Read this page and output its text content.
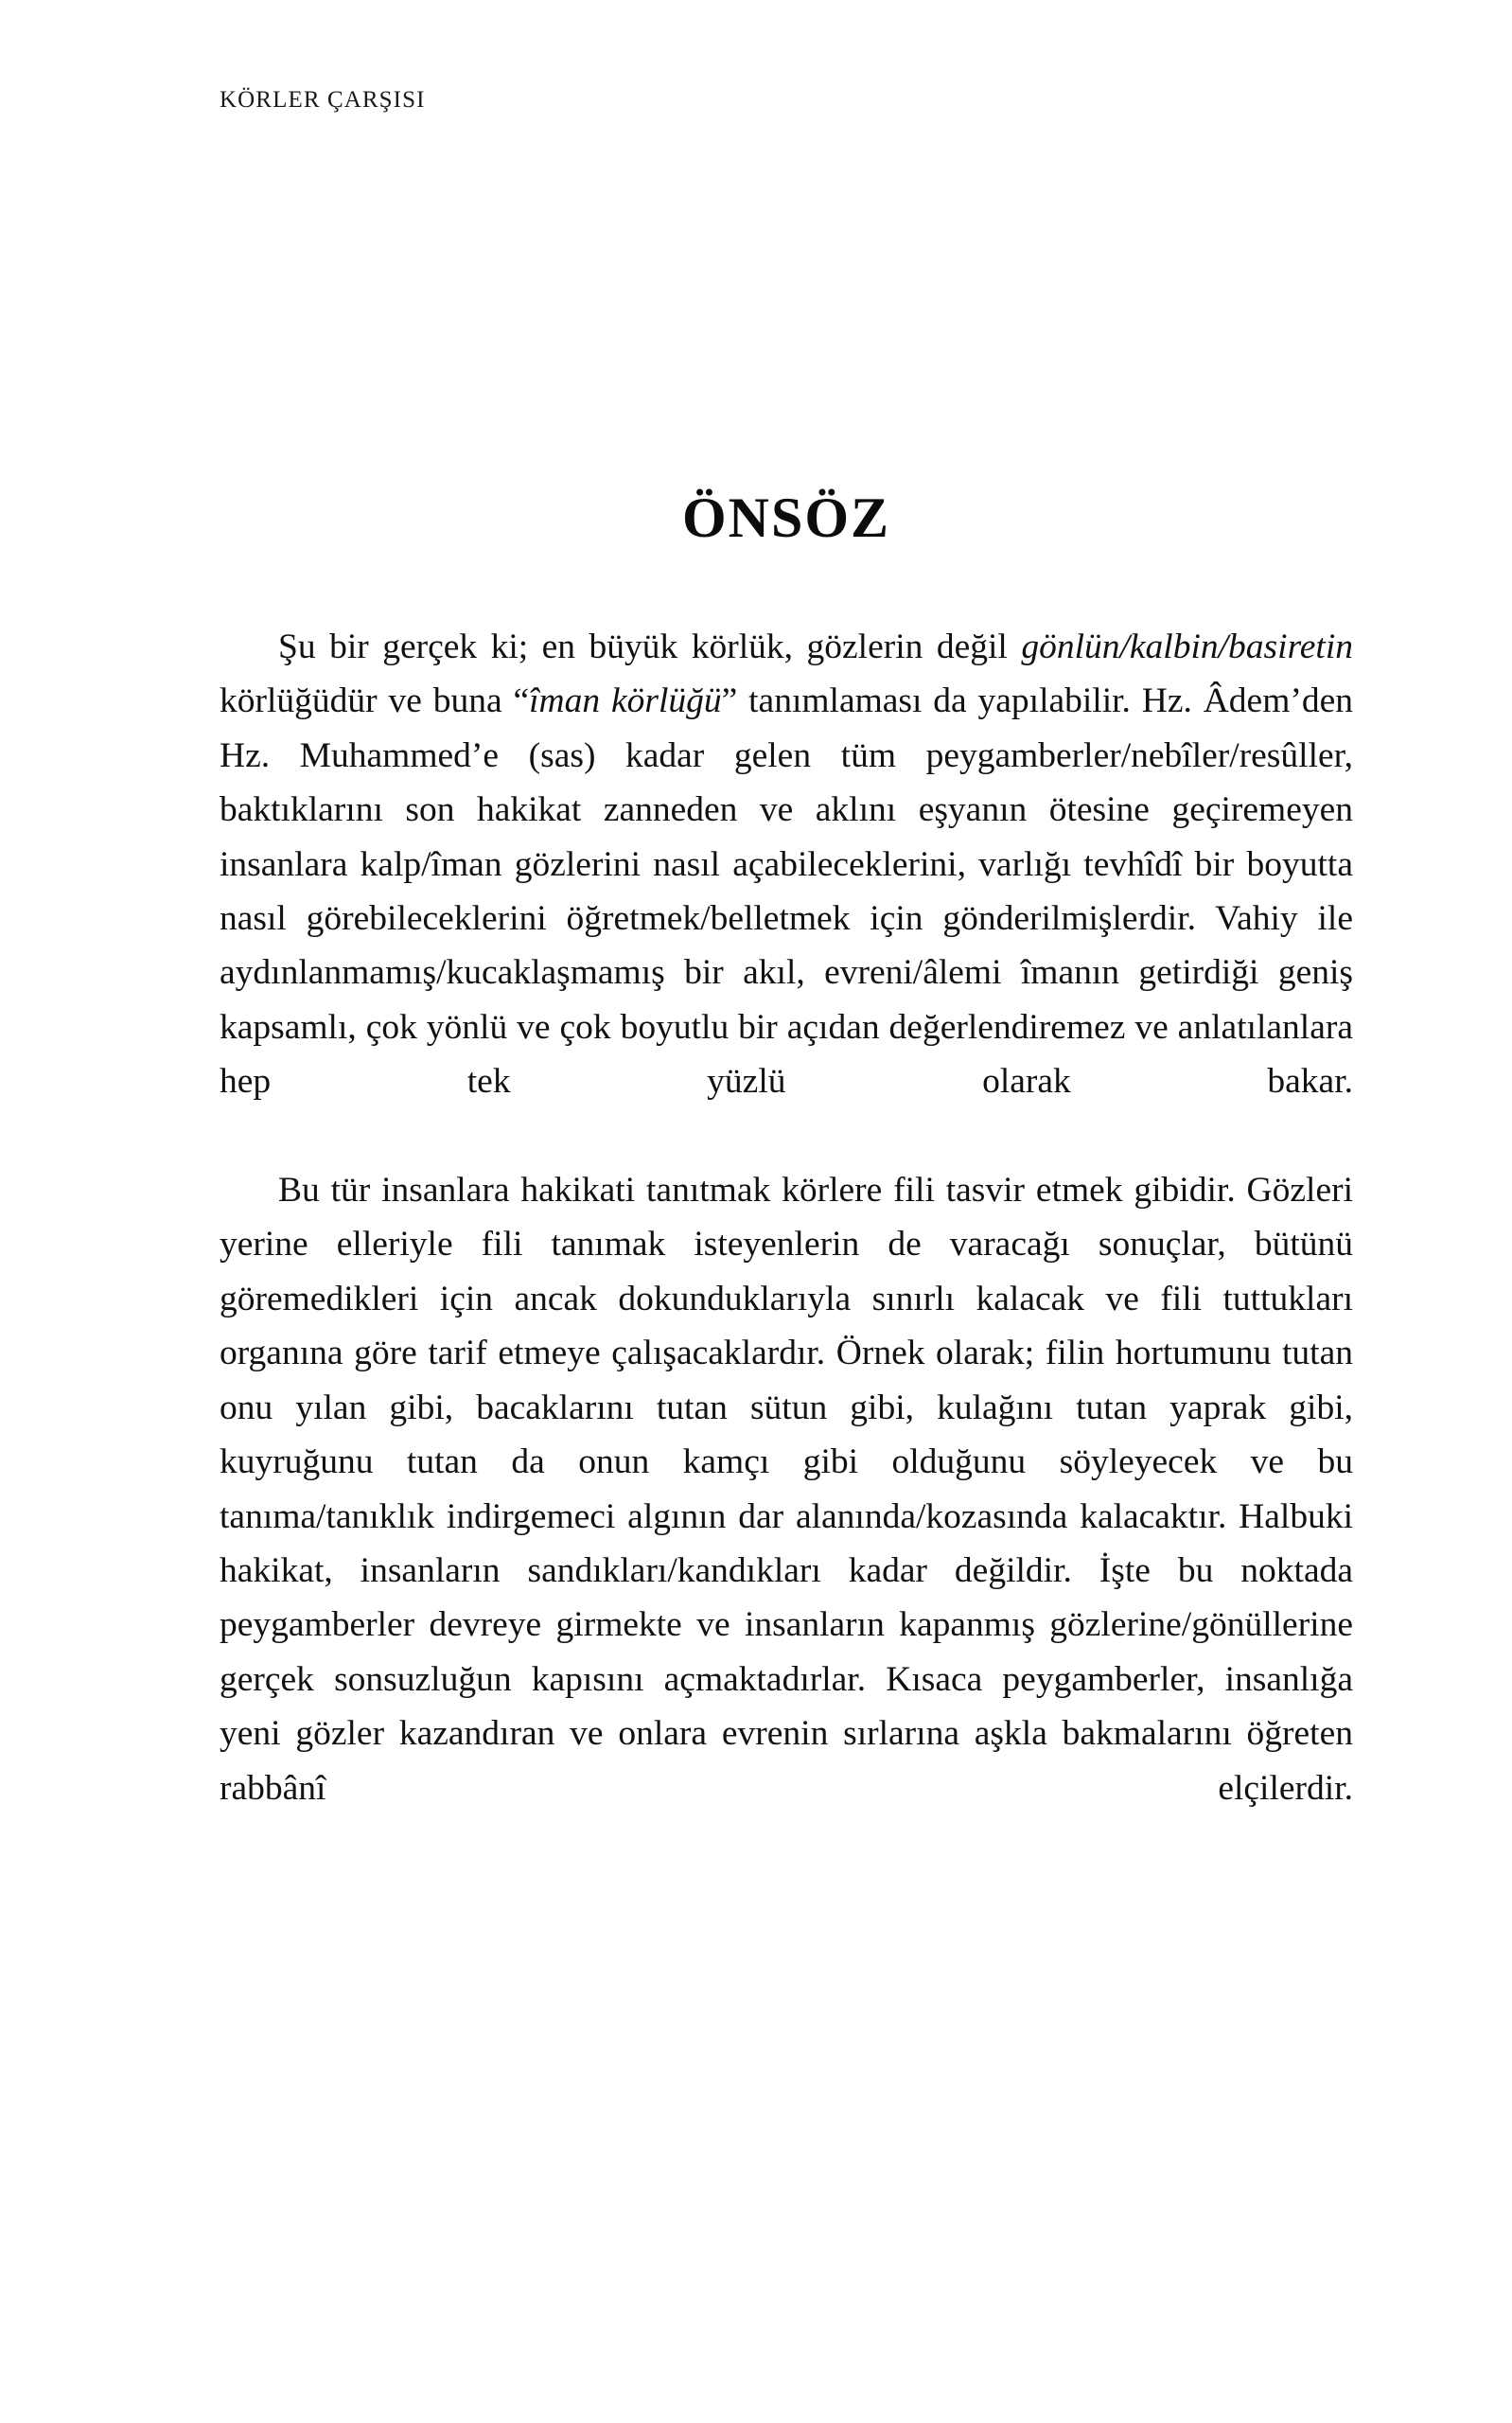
KÖRLER ÇARŞISI
ÖNSÖZ

Şu bir gerçek ki; en büyük körlük, gözlerin değil gönlün/kalbin/basiretin körlüğüdür ve buna “îman körlüğü” tanımlaması da yapılabilir. Hz. Âdem’den Hz. Muhammed’e (sas) kadar gelen tüm peygamberler/nebîler/resûller, baktıklarını son hakikat zanneden ve aklını eşyanın ötesine geçiremeyen insanlara kalp/îman gözlerini nasıl açabileceklerini, varlığı tevhîdî bir boyutta nasıl görebileceklerini öğretmek/belletmek için gönderilmişlerdir. Vahiy ile aydınlanmamış/kucaklaşmamış bir akıl, evreni/âlemi îmanın getirdiği geniş kapsamlı, çok yönlü ve çok boyutlu bir açıdan değerlendiremez ve anlatılanlara hep tek yüzlü olarak bakar.

Bu tür insanlara hakikati tanıtmak körlere fili tasvir etmek gibidir. Gözleri yerine elleriyle fili tanımak isteyenlerin de varacağı sonuçlar, bütünü göremedikleri için ancak dokunduklarıyla sınırlı kalacak ve fili tuttukları organına göre tarif etmeye çalışacaklardır. Örnek olarak; filin hortumunu tutan onu yılan gibi, bacaklarını tutan sütun gibi, kulağını tutan yaprak gibi, kuyruğunu tutan da onun kamçı gibi olduğunu söyleyecek ve bu tanıma/tanıklık indirgemeci algının dar alanında/kozasında kalacaktır. Halbuki hakikat, insanların sandıkları/kandıkları kadar değildir. İşte bu noktada peygamberler devreye girmekte ve insanların kapanmış gözlerine/gönüllerine gerçek sonsuzluğun kapısını açmaktadırlar. Kısaca peygamberler, insanlığa yeni gözler kazandıran ve onlara evrenin sırlarına aşkla bakmalarını öğreten rabbânî elçilerdir.
